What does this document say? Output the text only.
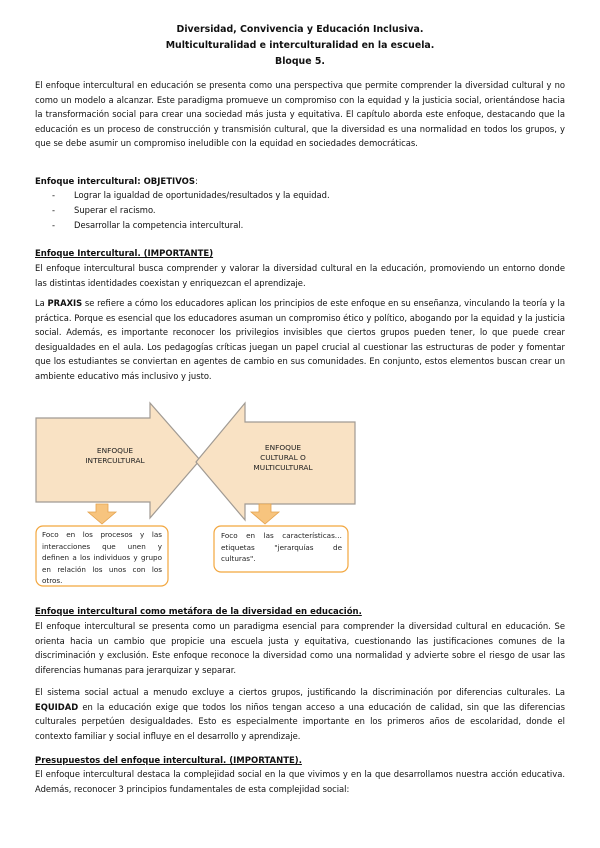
Diversidad, Convivencia y Educación Inclusiva.
Multiculturalidad e interculturalidad en la escuela.
Bloque 5.

El enfoque intercultural en educación se presenta como una perspectiva que permite comprender la diversidad cultural y no como un modelo a alcanzar. Este paradigma promueve un compromiso con la equidad y la justicia social, orientándose hacia la transformación social para crear una sociedad más justa y equitativa. El capítulo aborda este enfoque, destacando que la educación es un proceso de construcción y transmisión cultural, que la diversidad es una normalidad en todos los grupos, y que se debe asumir un compromiso ineludible con la equidad en sociedades democráticas.

Enfoque intercultural: OBJETIVOS:
- Lograr la igualdad de oportunidades/resultados y la equidad.
- Superar el racismo.
- Desarrollar la competencia intercultural.
Enfoque Intercultural. (IMPORTANTE)

El enfoque intercultural busca comprender y valorar la diversidad cultural en la educación, promoviendo un entorno donde las distintas identidades coexistan y enriquezcan el aprendizaje.

La PRAXIS se refiere a cómo los educadores aplican los principios de este enfoque en su enseñanza, vinculando la teoría y la práctica. Porque es esencial que los educadores asuman un compromiso ético y político, abogando por la equidad y la justicia social. Además, es importante reconocer los privilegios invisibles que ciertos grupos pueden tener, lo que puede crear desigualdades en el aula. Los pedagogías críticas juegan un papel crucial al cuestionar las estructuras de poder y fomentar que los estudiantes se conviertan en agentes de cambio en sus comunidades. En conjunto, estos elementos buscan crear un ambiente educativo más inclusivo y justo.

ENFOQUE
INTERCULTURAL
ENFOQUE
CULTURAL O
MULTICULTURAL
Foco en los procesos y las interacciones que unen y definen a los individuos y grupo en relación los unos con los otros.
Foco en las características… etiquetas "jerarquías de culturas".
Enfoque intercultural como metáfora de la diversidad en educación.

El enfoque intercultural se presenta como un paradigma esencial para comprender la diversidad cultural en educación. Se orienta hacia un cambio que propicie una escuela justa y equitativa, cuestionando las justificaciones comunes de la discriminación y exclusión. Este enfoque reconoce la diversidad como una normalidad y advierte sobre el riesgo de usar las diferencias humanas para jerarquizar y separar.

El sistema social actual a menudo excluye a ciertos grupos, justificando la discriminación por diferencias culturales. La EQUIDAD en la educación exige que todos los niños tengan acceso a una educación de calidad, sin que las diferencias culturales perpetúen desigualdades. Esto es especialmente importante en los primeros años de escolaridad, donde el contexto familiar y social influye en el desarrollo y aprendizaje.

Presupuestos del enfoque intercultural. (IMPORTANTE).

El enfoque intercultural destaca la complejidad social en la que vivimos y en la que desarrollamos nuestra acción educativa. Además, reconocer 3 principios fundamentales de esta complejidad social:
